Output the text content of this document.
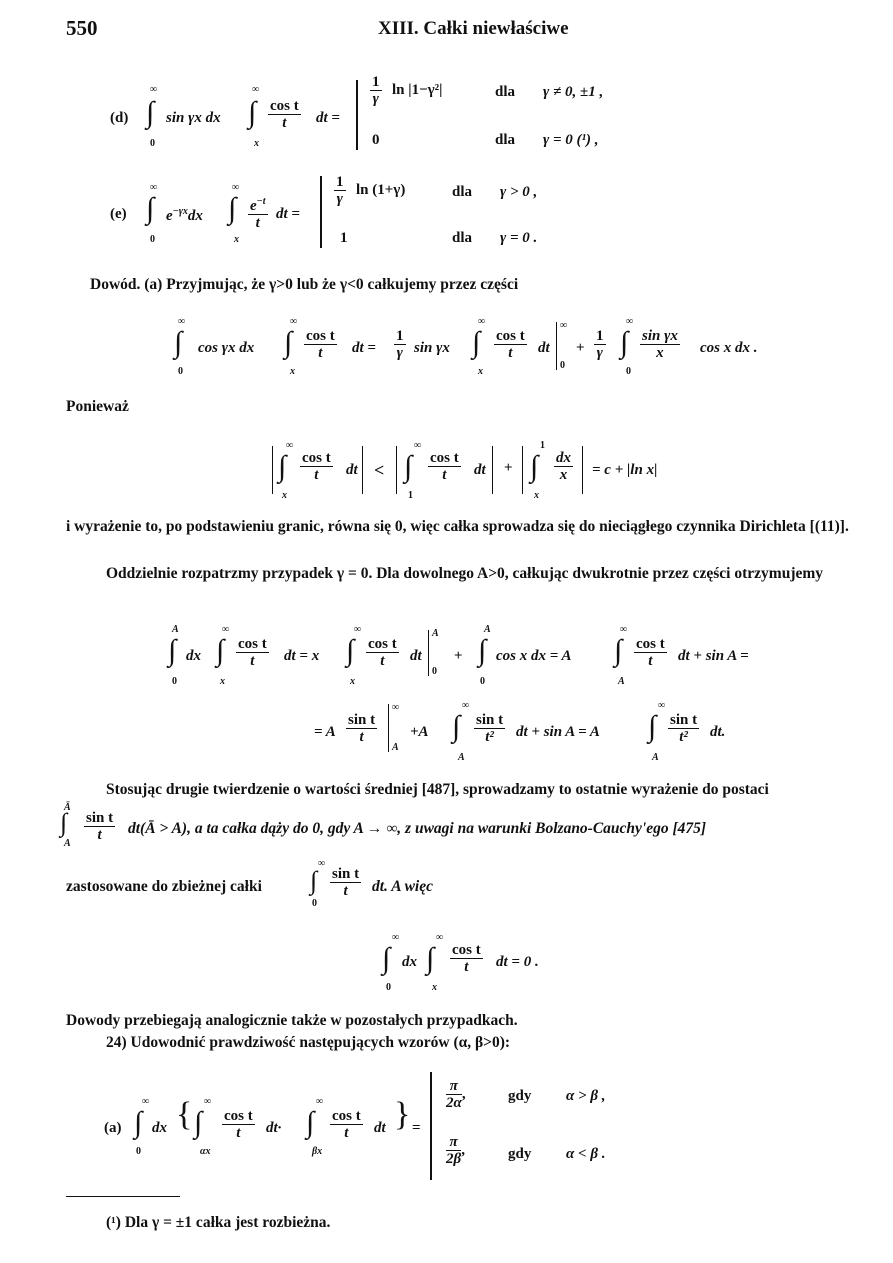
550	XIII. Całki niewłaściwe
(d)
∞
∫
0
sin γx dx
∞
∫
x
$\frac{\text{cos t}}{t}$ dt =
$\frac{1}{\gamma}$ ln |1−γ²|	dla γ ≠ 0, ±1 ,
0	dla γ = 0 (¹) ,
(e)
∞
∫
0
$e^{-\gamma x}dx$
∞
∫
x
$\frac{e^{-t}}{t}$ dt =
$\frac{1}{\gamma}$ ln (1+γ)	dla γ > 0 ,
1	dla γ = 0 .
Dowód. (a) Przyjmując, że γ>0 lub że γ<0 całkujemy przez części
∞
∫
0
cos γx dx
∞
∫
x
$\frac{\text{cos t}}{t}$ dt = $\frac{1}{\gamma}$ sin γx
∞
∫
x
$\frac{\text{cos t}}{t}$ dt
∞
0
+ $\frac{1}{\gamma}$
∞
∫
0
$\frac{\text{sin γx}}{x}$ cos x dx .
Ponieważ
∞
∫
x
$\frac{\text{cos t}}{t}$ dt <
∞
∫
1
$\frac{\text{cos t}}{t}$ dt +
1
∫
x
$\frac{dx}{x} = c + |\ln$ x|
i wyrażenie to, po podstawieniu granic, równa się 0, więc całka sprowadza się do nieciągłego czynnika Dirichleta [(11)].
Oddzielnie rozpatrzmy przypadek γ = 0. Dla dowolnego A>0, całkując dwukrotnie przez części otrzymujemy
A
∫
0
dx
∞
∫
x
$\frac{\text{cos t}}{t}$ dt = x
∞
∫
x
$\frac{\text{cos t}}{t}$ dt
A
0
+
A
∫
0
cos x dx = A
∞
∫
A
$\frac{\text{cos t}}{t}$ dt + sin A =
= A $\frac{\text{sin t}}{t}$
∞
A
+A
∞
∫
A
$\frac{\text{sin t}}{\text{t²}}$ dt + sin A = A
∞
∫
A
$\frac{\text{sin t}}{\text{t²}}$ dt.
Stosując drugie twierdzenie o wartości średniej [487], sprowadzamy to ostatnie wyrażenie do postaci
Ā
∫
A
$\frac{\text{sin t}}{t}$ dt(Ā > A), a ta całka dąży do 0, gdy A → ∞, z uwagi na warunki Bolzano-Cauchy'ego [475]
zastosowane do zbieżnej całki
∞
∫
0
$\frac{\text{sin t}}{t}$ dt. A więc
∞
∫
0
dx
∞
∫
x
$\frac{\text{cos t}}{t}$ dt = 0 .
Dowody przebiegają analogicznie także w pozostałych przypadkach.
24) Udowodnić prawdziwość następujących wzorów (α, β>0):
(a)
∞
∫
0
dx { ∞
∫
αx
$\frac{\text{cos t}}{t} dt\cdot$
∞
∫
βx
$\frac{\text{cos t}}{t}$ dt } =
$\frac{\pi}{2\alpha}$ ,	gdy α > β ,
$\frac{\pi}{2\beta}$ ,	gdy α < β .
(¹) Dla γ = ±1 całka jest rozbieżna.
